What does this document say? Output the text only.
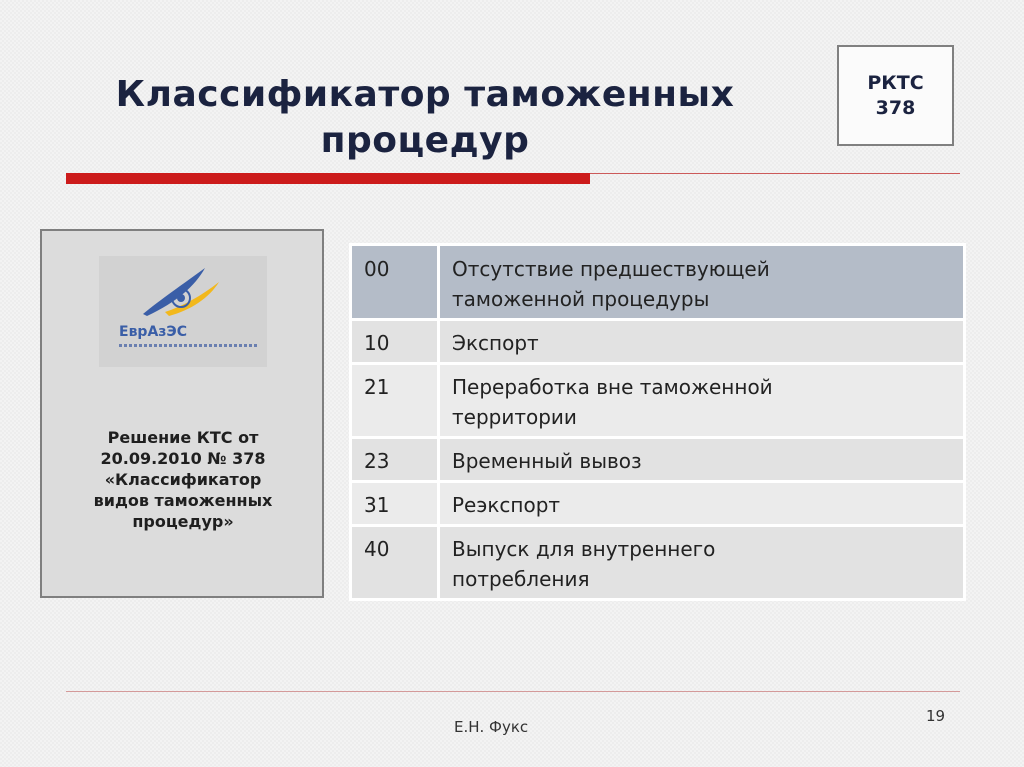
Классификатор таможенных
процедур
РКТС
378
ЕврАзЭС
Решение КТС от
20.09.2010 № 378
«Классификатор
видов таможенных
процедур»
00	Отсутствие предшествующей
таможенной процедуры

10	Экспорт

21	Переработка вне таможенной
территории

23	Временный вывоз

31	Реэкспорт

40	Выпуск для внутреннего
потребления
Е.Н. Фукс
19
